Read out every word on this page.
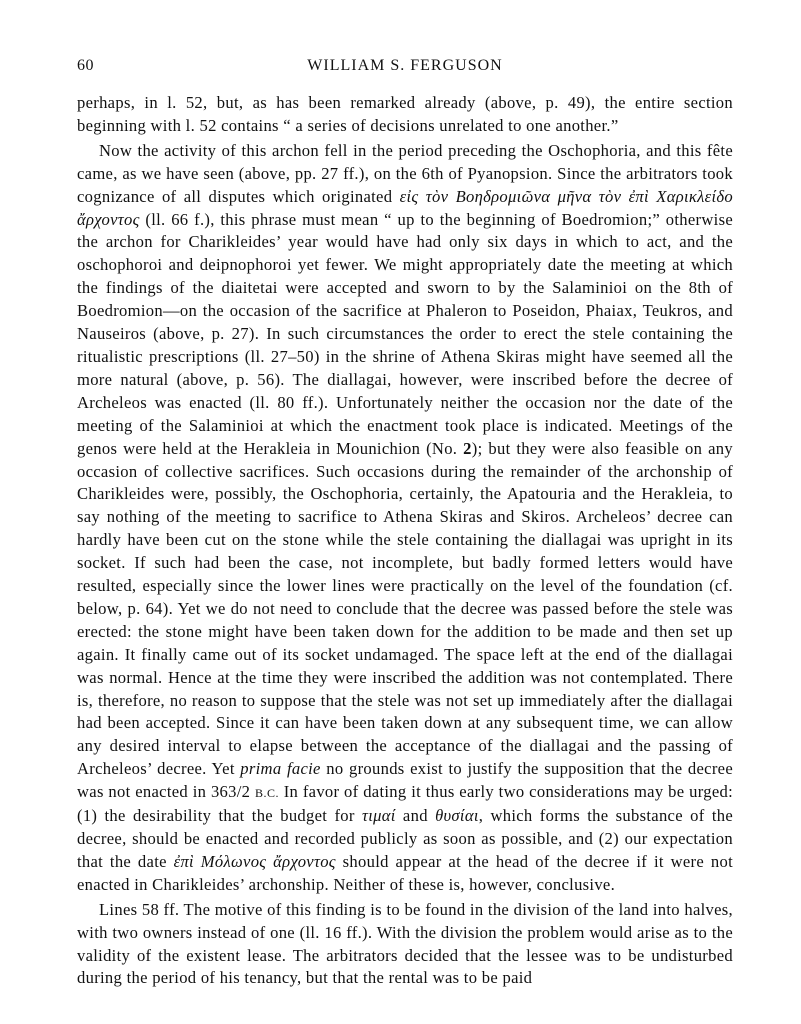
60	WILLIAM S. FERGUSON

perhaps, in l. 52, but, as has been remarked already (above, p. 49), the entire section beginning with l. 52 contains “ a series of decisions unrelated to one another.”

Now the activity of this archon fell in the period preceding the Oschophoria, and this fête came, as we have seen (above, pp. 27 ff.), on the 6th of Pyanopsion. Since the arbitrators took cognizance of all disputes which originated εἰς τὸν Βοηδρομιῶνα μῆνα τὸν ἐπὶ Χαρικλείδο ἄρχοντος (ll. 66 f.), this phrase must mean “ up to the beginning of Boedromion;” otherwise the archon for Charikleides’ year would have had only six days in which to act, and the oschophoroi and deipnophoroi yet fewer. We might appropriately date the meeting at which the findings of the diaitetai were accepted and sworn to by the Salaminioi on the 8th of Boedromion—on the occasion of the sacrifice at Phaleron to Poseidon, Phaiax, Teukros, and Nauseiros (above, p. 27). In such circumstances the order to erect the stele containing the ritualistic prescriptions (ll. 27–50) in the shrine of Athena Skiras might have seemed all the more natural (above, p. 56). The diallagai, however, were inscribed before the decree of Archeleos was enacted (ll. 80 ff.). Unfortunately neither the occasion nor the date of the meeting of the Salaminioi at which the enactment took place is indicated. Meetings of the genos were held at the Herakleia in Mounichion (No. 2); but they were also feasible on any occasion of collective sacrifices. Such occasions during the remainder of the archonship of Charikleides were, possibly, the Oschophoria, certainly, the Apatouria and the Herakleia, to say nothing of the meeting to sacrifice to Athena Skiras and Skiros. Archeleos’ decree can hardly have been cut on the stone while the stele containing the diallagai was upright in its socket. If such had been the case, not incomplete, but badly formed letters would have resulted, especially since the lower lines were practically on the level of the foundation (cf. below, p. 64). Yet we do not need to conclude that the decree was passed before the stele was erected: the stone might have been taken down for the addition to be made and then set up again. It finally came out of its socket undamaged. The space left at the end of the diallagai was normal. Hence at the time they were inscribed the addition was not contemplated. There is, therefore, no reason to suppose that the stele was not set up immediately after the diallagai had been accepted. Since it can have been taken down at any subsequent time, we can allow any desired interval to elapse between the acceptance of the diallagai and the passing of Archeleos’ decree. Yet prima facie no grounds exist to justify the supposition that the decree was not enacted in 363/2 B.C. In favor of dating it thus early two considerations may be urged: (1) the desirability that the budget for τιμαί and θυσίαι, which forms the substance of the decree, should be enacted and recorded publicly as soon as possible, and (2) our expectation that the date ἐπὶ Μόλωνος ἄρχοντος should appear at the head of the decree if it were not enacted in Charikleides’ archonship. Neither of these is, however, conclusive.

Lines 58 ff. The motive of this finding is to be found in the division of the land into halves, with two owners instead of one (ll. 16 ff.). With the division the problem would arise as to the validity of the existent lease. The arbitrators decided that the lessee was to be undisturbed during the period of his tenancy, but that the rental was to be paid
